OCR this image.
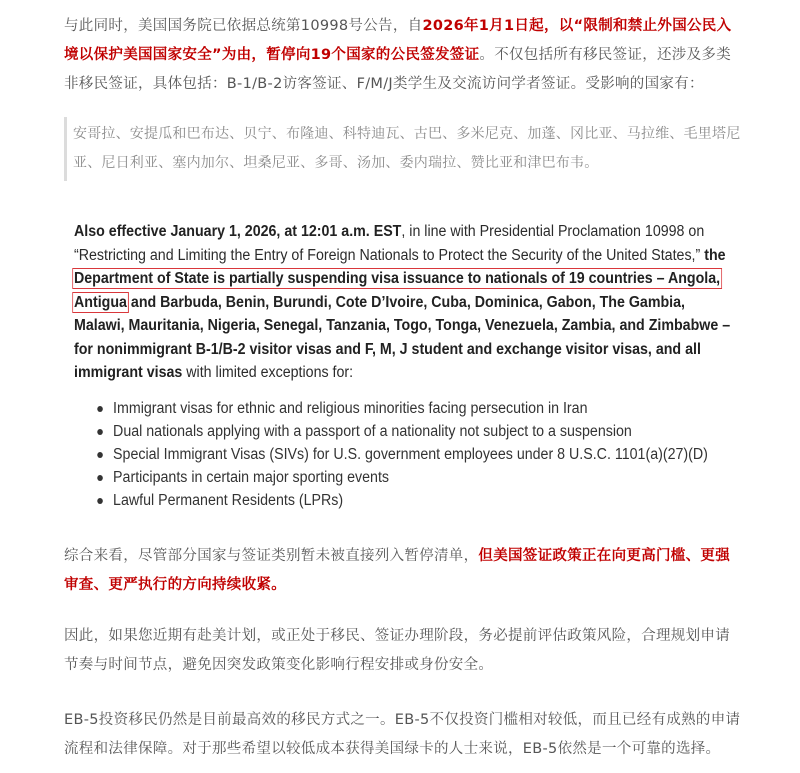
与此同时，美国国务院已依据总统第10998号公告，自2026年1月1日起，以“限制和禁止外国公民入境以保护美国国家安全”为由，暂停向19个国家的公民签发签证。不仅包括所有移民签证，还涉及多类非移民签证，具体包括：B-1/B-2访客签证、F/M/J类学生及交流访问学者签证。受影响的国家有：

安哥拉、安提瓜和巴布达、贝宁、布隆迪、科特迪瓦、古巴、多米尼克、加蓬、冈比亚、马拉维、毛里塔尼亚、尼日利亚、塞内加尔、坦桑尼亚、多哥、汤加、委内瑞拉、赞比亚和津巴布韦。

Also effective January 1, 2026, at 12:01 a.m. EST, in line with Presidential Proclamation 10998 on “Restricting and Limiting the Entry of Foreign Nationals to Protect the Security of the United States,” the Department of State is partially suspending visa issuance to nationals of 19 countries – Angola, Antigua and Barbuda, Benin, Burundi, Cote D’Ivoire, Cuba, Dominica, Gabon, The Gambia, Malawi, Mauritania, Nigeria, Senegal, Tanzania, Togo, Tonga, Venezuela, Zambia, and Zimbabwe – for nonimmigrant B-1/B-2 visitor visas and F, M, J student and exchange visitor visas, and all immigrant visas with limited exceptions for:

Immigrant visas for ethnic and religious minorities facing persecution in Iran
Dual nationals applying with a passport of a nationality not subject to a suspension
Special Immigrant Visas (SIVs) for U.S. government employees under 8 U.S.C. 1101(a)(27)(D)
Participants in certain major sporting events
Lawful Permanent Residents (LPRs)

综合来看，尽管部分国家与签证类别暂未被直接列入暂停清单，但美国签证政策正在向更高门槛、更强审查、更严执行的方向持续收紧。

因此，如果您近期有赴美计划，或正处于移民、签证办理阶段，务必提前评估政策风险，合理规划申请节奏与时间节点，避免因突发政策变化影响行程安排或身份安全。

EB-5投资移民仍然是目前最高效的移民方式之一。EB-5不仅投资门槛相对较低，而且已经有成熟的申请流程和法律保障。对于那些希望以较低成本获得美国绿卡的人士来说，EB-5依然是一个可靠的选择。
